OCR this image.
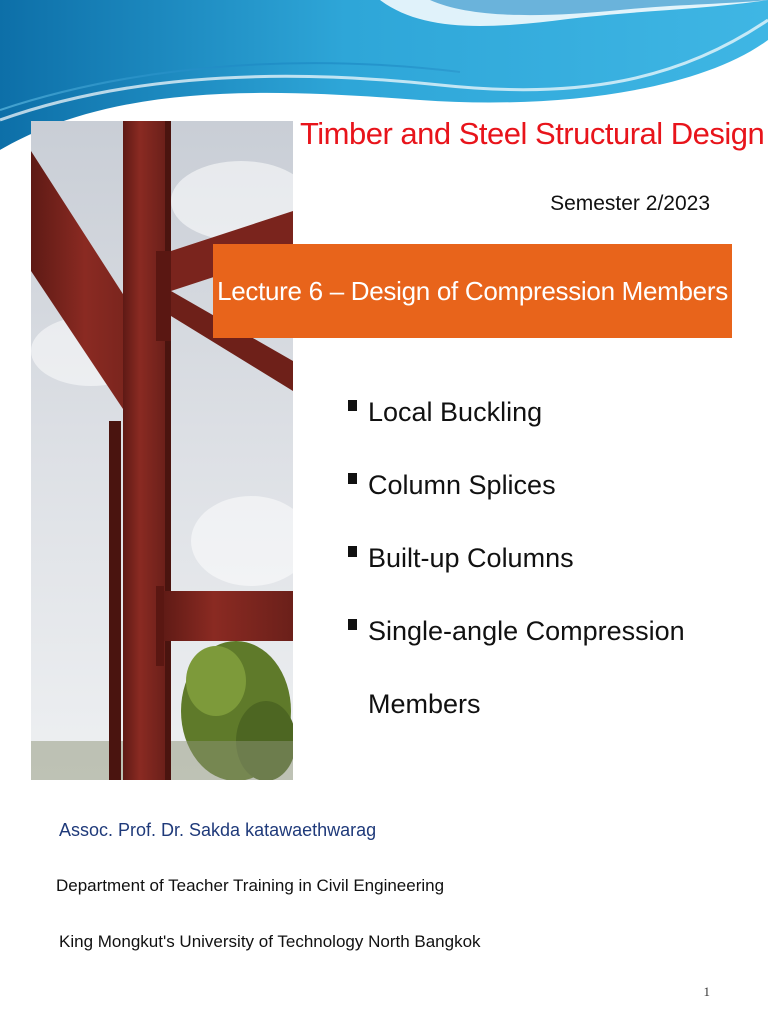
Timber and Steel Structural Design
Semester 2/2023
Lecture 6 – Design of Compression Members
Local Buckling
Column Splices
Built-up Columns
Single-angle Compression
Members
Assoc. Prof. Dr. Sakda katawaethwarag
Department of Teacher Training in Civil Engineering
King Mongkut's University of Technology North Bangkok
1
